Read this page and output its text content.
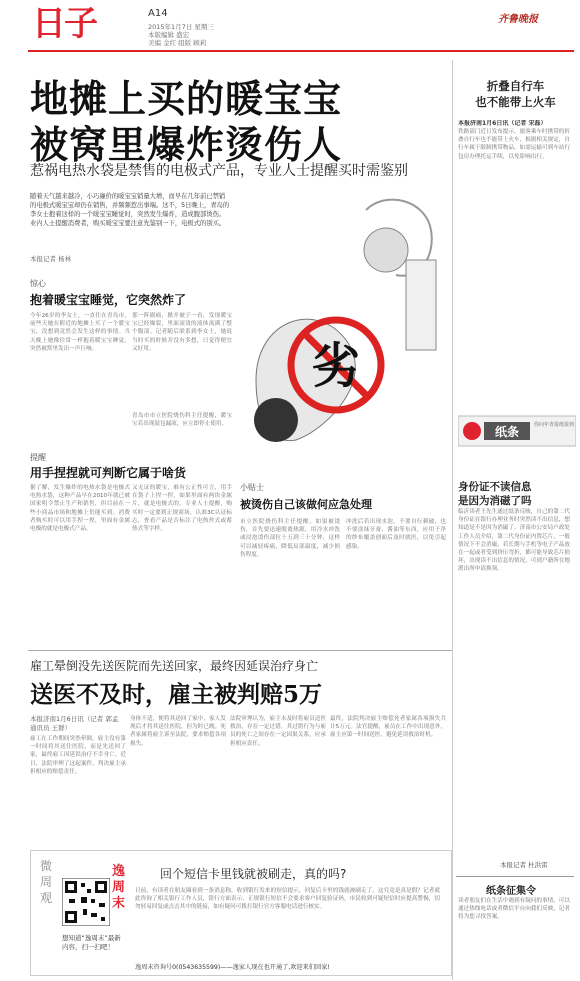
日子	A14
2015年1月7日 星期三
本版编辑 盛宏
美编 金红 组版 顾莉
齐鲁晚报
地摊上买的暖宝宝
被窝里爆炸烫伤人
惹祸电热水袋是禁售的电极式产品，专业人士提醒买时需鉴别
随着天气越来越冷，小巧廉价的暖宝宝销量大增，而早在几年前已禁销的电极式暖宝宝却仍在销售，并频频惹出事端。这不，5日晚上，青岛的李女士抱着这样的一个暖宝宝睡觉时，突然发生爆炸，造成腹部烫伤。业内人士提醒消费者，购买暖宝宝要注意先鉴别一下，电极式的别买。
本报记者 杨林
劣
惊心
抱着暖宝宝睡觉，它突然炸了
今年26岁的李女士，一直住在青岛市，前些天她在附近的地摊上买了一个暖宝宝，没想到竟然会发生这样的事情。当天晚上她像往常一样抱着暖宝宝睡觉，突然被窝里发出一声巨响。
那一阵剧痛，掀开被子一看，发现暖宝宝已经爆裂，里面滚烫的液体流满了整个腹部。记者随后联系到李女士，她说当时买的时候并没有多想，只觉得便宜又好用。
青岛市市立医院烧伤科主任提醒，暖宝宝若出现鼓包漏液，应立即停止使用。
提醒
用手捏捏就可判断它属于啥货
据了解，发生爆炸的电热水袋是电极式电热水袋，这种产品早在2010年就已被国家明令禁止生产和销售，但目前在一些小商品市场和地摊上仍能买到。消费者购买时可以用手捏一捏，里面有金属电极的就是电极式产品。
又无证的暖宝，难有公正性可言，用手在袋子上捏一捏，如果里面有两块金属片，就是电极式的。专业人士提醒，购买时一定要到正规商场，认准3C认证标志，查看产品是否标注了电热丝式或蓄热式等字样。
小贴士
被烫伤自己该做何应急处理
市立医院烧伤科主任提醒，如果被烫伤，首先要迅速脱离热源，用冷水冲洗或浸泡烫伤部位十五到三十分钟，这样可以减轻疼痛，降低局部温度，减少损伤程度。
冲洗后若出现水泡，不要自行刺破，也不要涂抹牙膏、酱油等东西，应用干净的纱布覆盖创面后及时就医，以免引起感染。
折叠自行车
也不能带上火车
本报济南1月6日讯（记者 宋磊）
铁路部门近日发布提示，旅客乘车时携带的折叠自行车也不能带上火车，根据相关规定，自行车属于限制携带物品，如需运输可到车站行包房办理托运手续，以免影响出行。
纸条	你问年青报纸报到
身份证不读信息
是因为消磁了吗
临沂读者王先生通过纸条反映，自己的第二代身份证在银行办理业务时突然读不出信息，想知道是不是因为消磁了。济南市公安局户政处工作人员介绍，第二代身份证内置芯片，一般情况下不会消磁，若长期与手机等电子产品放在一起或者受到挤压弯折，都可能导致芯片损坏，出现读不出信息的情况，可到户籍所在地派出所申请换领。
本报记者 杜洪雷
纸条征集令
读者朋友们在生活中遇到有疑问的事情，可以通过热线电话或者微信平台向我们反映，记者将为您寻找答案。
雇工晕倒没先送医院而先送回家，最终因延误治疗身亡
送医不及时，雇主被判赔5万
本报济南1月6日讯（记者 郭孟 通讯员 王群）
雇工在工作期间突然晕倒，雇主没有第一时间将其送往医院，而是先送回了家，最终雇工因延误治疗不幸身亡。近日，法院审理了这起案件，判决雇主承担相应的赔偿责任。
身体不适，便将其送回了家中，家人发现后才将其送往医院，但为时已晚。死者家属将雇主诉至法院，要求赔偿各项损失。
法院审理认为，雇主未及时将雇员送医救治，存在一定过错，其过错行为与雇员的死亡之间存在一定因果关系，应承担相应责任。
最终，法院判决雇主赔偿死者家属各项损失共计5万元。法官提醒，雇员在工作中出现意外，雇主应第一时间送医，避免延误救治时机。
微周观
逸周末
想知道“逸周末”最新内容，扫一扫吧！
回个短信卡里钱就被刷走，真的吗?
日前，有读者在朋友圈看到一条消息称，收到银行发来的短信提示，回复后卡里的钱就被刷走了。这究竟是真是假？记者就此咨询了相关银行工作人员，银行方面表示，正规银行短信不会要求客户回复验证码，市民收到可疑短信时应提高警惕，切勿轻易回复或点击其中的链接，如有疑问可拨打银行官方客服电话进行核实。
逸周末咨询号0(0543635599)——逸家人现在也开通了,欢迎来们回家!
